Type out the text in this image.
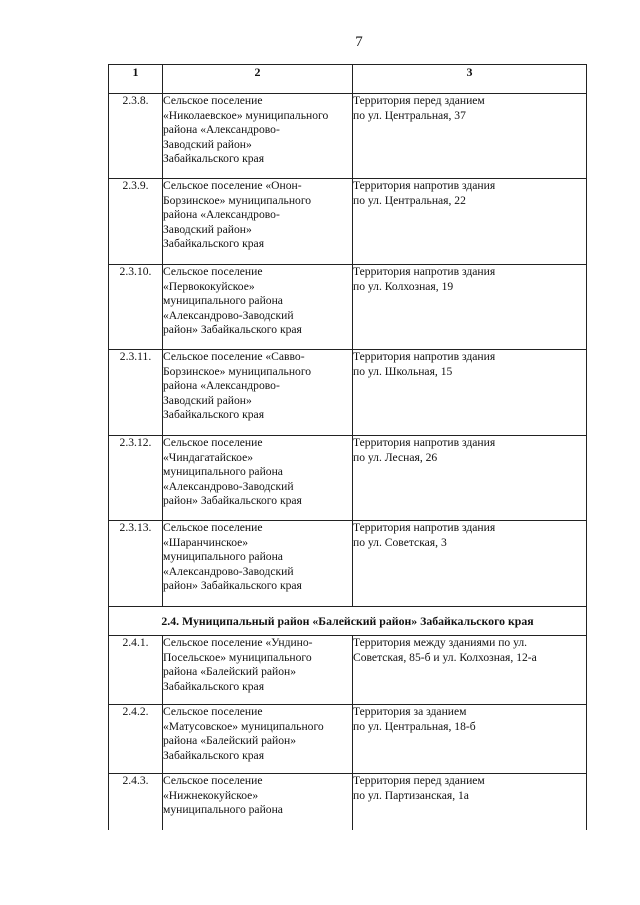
7
1	2	3
2.3.8.	Сельское поселение
«Николаевское» муниципального
района «Александрово-
Заводский район»
Забайкальского края	Территория перед зданием
по ул. Центральная, 37
2.3.9.	Сельское поселение «Онон-
Борзинское» муниципального
района «Александрово-
Заводский район»
Забайкальского края	Территория напротив здания
по ул. Центральная, 22
2.3.10.	Сельское поселение
«Первококуйское»
муниципального района
«Александрово-Заводский
район» Забайкальского края	Территория напротив здания
по ул. Колхозная, 19
2.3.11.	Сельское поселение «Савво-
Борзинское» муниципального
района «Александрово-
Заводский район»
Забайкальского края	Территория напротив здания
по ул. Школьная, 15
2.3.12.	Сельское поселение
«Чиндагатайское»
муниципального района
«Александрово-Заводский
район» Забайкальского края	Территория напротив здания
по ул. Лесная, 26
2.3.13.	Сельское поселение
«Шаранчинское»
муниципального района
«Александрово-Заводский
район» Забайкальского края	Территория напротив здания
по ул. Советская, 3
2.4. Муниципальный район «Балейский район» Забайкальского края		
2.4.1.	Сельское поселение «Ундино-
Посельское» муниципального
района «Балейский район»
Забайкальского края	Территория между зданиями по ул.
Советская, 85-б и ул. Колхозная, 12-а
2.4.2.	Сельское поселение
«Матусовское» муниципального
района «Балейский район»
Забайкальского края	Территория за зданием
по ул. Центральная, 18-б
2.4.3.	Сельское поселение
«Нижнекокуйское»
муниципального района	Территория перед зданием
по ул. Партизанская, 1а
